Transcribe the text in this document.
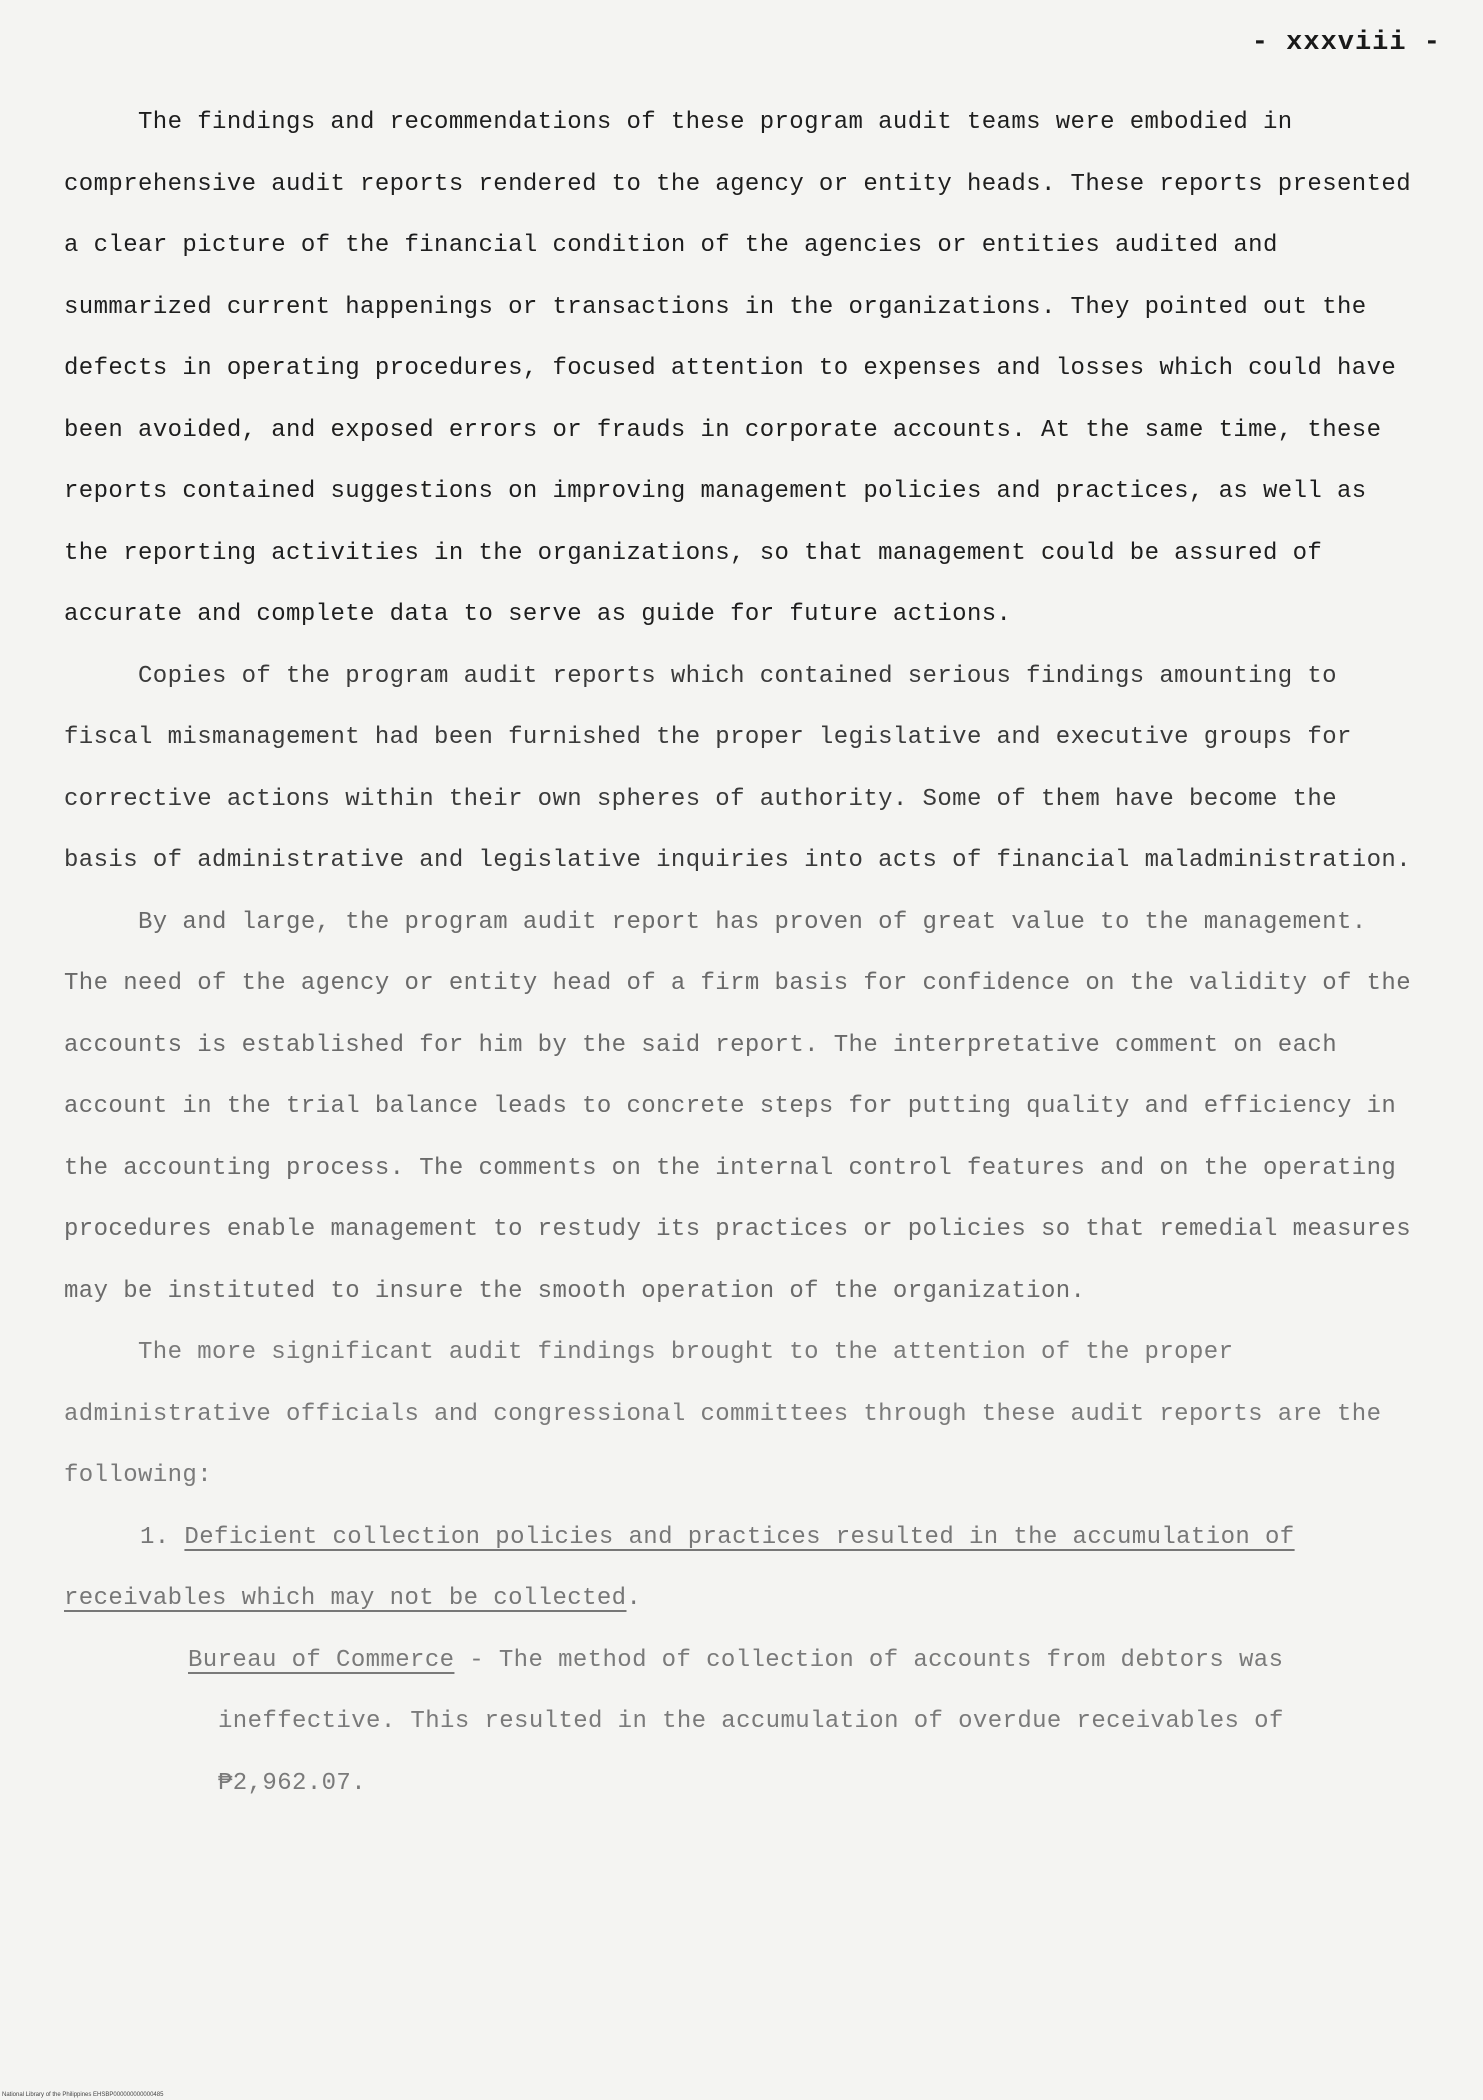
- xxxviii -

The findings and recommendations of these program audit teams were embodied in comprehensive audit reports rendered to the agency or entity heads. These reports presented a clear picture of the financial condition of the agencies or entities audited and summarized current happenings or transactions in the organizations. They pointed out the defects in operating procedures, focused attention to expenses and losses which could have been avoided, and exposed errors or frauds in corporate accounts. At the same time, these reports contained suggestions on improving management policies and practices, as well as the reporting activities in the organizations, so that management could be assured of accurate and complete data to serve as guide for future actions.

Copies of the program audit reports which contained serious findings amounting to fiscal mismanagement had been furnished the proper legislative and executive groups for corrective actions within their own spheres of authority. Some of them have become the basis of administrative and legislative inquiries into acts of financial maladministration.

By and large, the program audit report has proven of great value to the management. The need of the agency or entity head of a firm basis for confidence on the validity of the accounts is established for him by the said report. The interpretative comment on each account in the trial balance leads to concrete steps for putting quality and efficiency in the accounting process. The comments on the internal control features and on the operating procedures enable management to restudy its practices or policies so that remedial measures may be instituted to insure the smooth operation of the organization.

The more significant audit findings brought to the attention of the proper administrative officials and congressional committees through these audit reports are the following:

1. Deficient collection policies and practices resulted in the accumulation of receivables which may not be collected.

Bureau of Commerce - The method of collection of accounts from debtors was
ineffective. This resulted in the accumulation of overdue receivables of ₱2,962.07.

National Library of the Philippines EHSBP000000000000485
